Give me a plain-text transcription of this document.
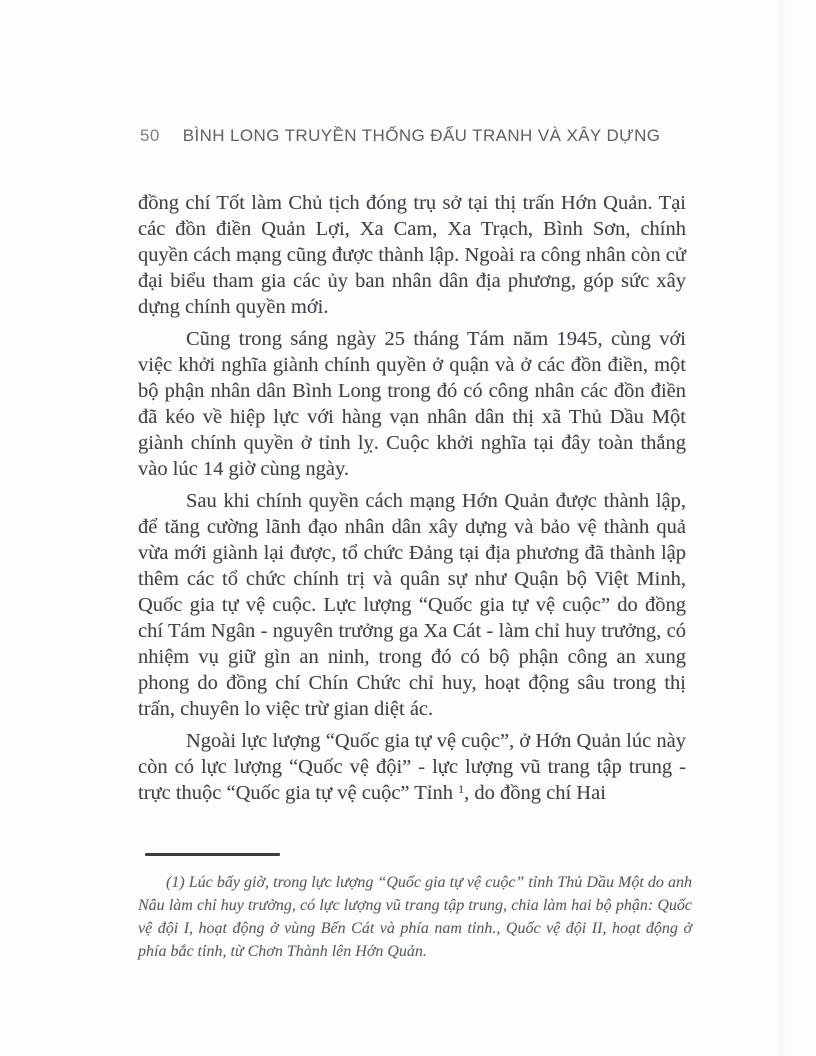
50 BÌNH LONG TRUYỀN THỐNG ĐẤU TRANH VÀ XÂY DỰNG

đồng chí Tốt làm Chủ tịch đóng trụ sở tại thị trấn Hớn Quản. Tại các đồn điền Quản Lợi, Xa Cam, Xa Trạch, Bình Sơn, chính quyền cách mạng cũng được thành lập. Ngoài ra công nhân còn cử đại biểu tham gia các ủy ban nhân dân địa phương, góp sức xây dựng chính quyền mới.

Cũng trong sáng ngày 25 tháng Tám năm 1945, cùng với việc khởi nghĩa giành chính quyền ở quận và ở các đồn điền, một bộ phận nhân dân Bình Long trong đó có công nhân các đồn điền đã kéo về hiệp lực với hàng vạn nhân dân thị xã Thủ Dầu Một giành chính quyền ở tỉnh lỵ. Cuộc khởi nghĩa tại đây toàn thắng vào lúc 14 giờ cùng ngày.

Sau khi chính quyền cách mạng Hớn Quản được thành lập, để tăng cường lãnh đạo nhân dân xây dựng và bảo vệ thành quả vừa mới giành lại được, tổ chức Đảng tại địa phương đã thành lập thêm các tổ chức chính trị và quân sự như Quận bộ Việt Minh, Quốc gia tự vệ cuộc. Lực lượng “Quốc gia tự vệ cuộc” do đồng chí Tám Ngân - nguyên trưởng ga Xa Cát - làm chỉ huy trưởng, có nhiệm vụ giữ gìn an ninh, trong đó có bộ phận công an xung phong do đồng chí Chín Chức chỉ huy, hoạt động sâu trong thị trấn, chuyên lo việc trừ gian diệt ác.

Ngoài lực lượng “Quốc gia tự vệ cuộc”, ở Hớn Quản lúc này còn có lực lượng “Quốc vệ đội” - lực lượng vũ trang tập trung - trực thuộc “Quốc gia tự vệ cuộc” Tỉnh $^1$, do đồng chí Hai

(1) Lúc bấy giờ, trong lực lượng “Quốc gia tự vệ cuộc” tỉnh Thủ Dầu Một do anh Nâu làm chỉ huy trưởng, có lực lượng vũ trang tập trung, chia làm hai bộ phận: Quốc vệ đội I, hoạt động ở vùng Bến Cát và phía nam tỉnh., Quốc vệ đội II, hoạt động ở phía bắc tỉnh, từ Chơn Thành lên Hớn Quản.
